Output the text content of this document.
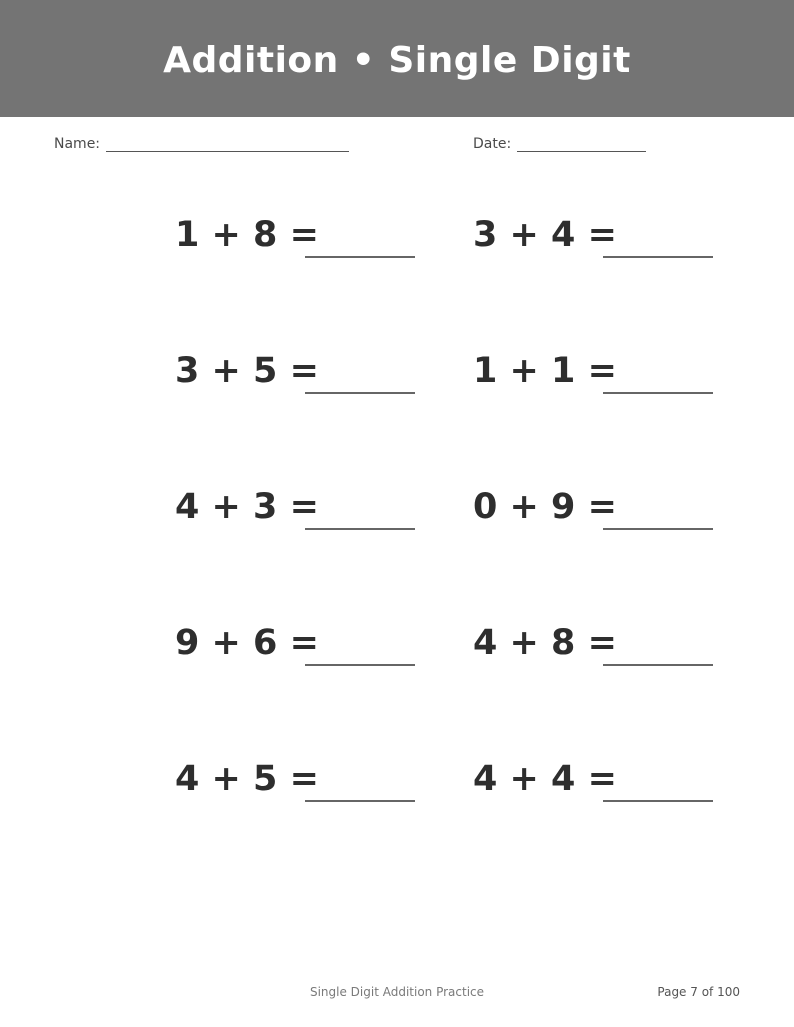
Addition • Single Digit
Name:	Date:
1 + 8 =	3 + 4 =
3 + 5 =	1 + 1 =
4 + 3 =	0 + 9 =
9 + 6 =	4 + 8 =
4 + 5 =	4 + 4 =
Single Digit Addition Practice	Page 7 of 100
